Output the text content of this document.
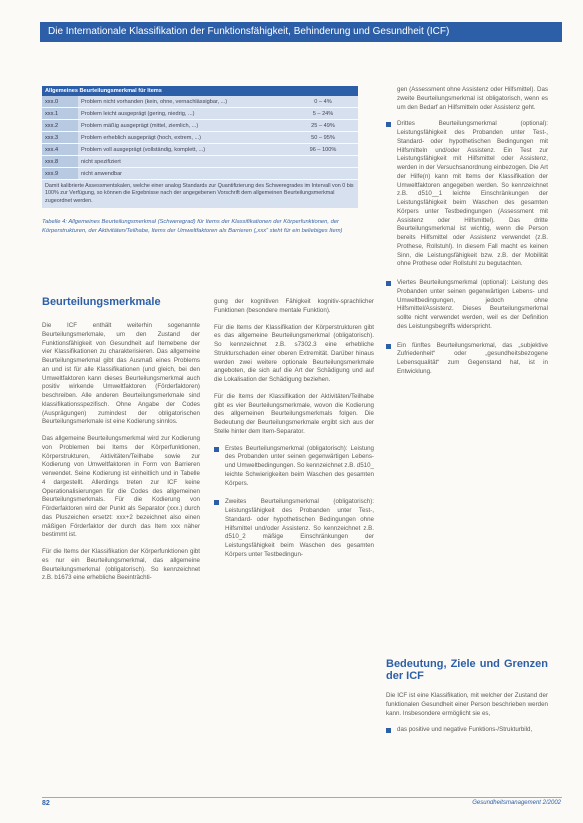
Die Internationale Klassifikation der Funktionsfähigkeit, Behinderung und Gesundheit (ICF)
Allgemeines Beurteilungsmerkmal für Items		
xxx.0	Problem nicht vorhanden (kein, ohne, vernachlässigbar, ...)	0 – 4%
xxx.1	Problem leicht ausgeprägt (gering, niedrig, ...)	5 – 24%
xxx.2	Problem mäßig ausgeprägt (mittel, ziemlich, ...)	25 – 49%
xxx.3	Problem erheblich ausgeprägt (hoch, extrem, ...)	50 – 95%
xxx.4	Problem voll ausgeprägt (vollständig, komplett, ...)	96 – 100%
xxx.8	nicht spezifiziert	
xxx.9	nicht anwendbar	
Damit kalibrierte Assessmentskalen, welche einer analog Standards zur Quantifizierung des Schweregrades im Intervall von 0 bis 100% zur Verfügung, so können die Ergebnisse nach der angegebenen Vorschrift dem allgemeinen Beurteilungsmerkmal zugeordnet werden.
Tabelle 4: Allgemeines Beurteilungsmerkmal (Schweregrad) für Items der Klassifikationen der Körperfunktionen, der Körperstrukturen, der Aktivitäten/Teilhabe, Items der Umweltfaktoren als Barrieren („xxx“ steht für ein beliebiges Item)
Beurteilungsmerkmale

Die ICF enthält weiterhin sogenannte Beurteilungsmerkmale, um den Zustand der Funktionsfähigkeit von Gesundheit auf Itemebene der vier Klassifikationen zu charakterisieren. Das allgemeine Beurteilungsmerkmal gibt das Ausmaß eines Problems an und ist für alle Klassifikationen (und gleich, bei den Umweltfaktoren kann dieses Beurteilungsmerkmal auch positiv wirkende Umweltfaktoren (Förderfaktoren) beschreiben. Alle anderen Beurteilungsmerkmale sind klassifikationsspezifisch. Ohne Angabe der Codes (Ausprägungen) zumindest der obligatorischen Beurteilungsmerkmale ist eine Kodierung sinnlos.

Das allgemeine Beurteilungsmerkmal wird zur Kodierung von Problemen bei Items der Körperfunktionen, Körperstrukturen, Aktivitäten/Teilhabe sowie zur Kodierung von Umweltfaktoren in Form von Barrieren verwendet. Seine Kodierung ist einheitlich und in Tabelle 4 dargestellt. Allerdings treten zur ICF keine Operationalisierungen für die Codes des allgemeinen Beurteilungsmerkmals. Für die Kodierung von Förderfaktoren wird der Punkt als Separator (xxx.) durch das Pluszeichen ersetzt: xxx+2 bezeichnet also einen mäßigen Förderfaktor der durch das Item xxx näher bestimmt ist.

Für die Items der Klassifikation der Körperfunktionen gibt es nur ein Beurteilungsmerkmal, das allgemeine Beurteilungsmerkmal (obligatorisch). So kennzeichnet z.B. b1673 eine erhebliche Beeinträchti-

gung der kognitiven Fähigkeit kognitiv-sprachlicher Funktionen (besondere mentale Funktion).

Für die Items der Klassifikation der Körperstrukturen gibt es das allgemeine Beurteilungsmerkmal (obligatorisch). So kennzeichnet z.B. s7302.3 eine erhebliche Strukturschaden einer oberen Extremität. Darüber hinaus werden zwei weitere optionale Beurteilungsmerkmale angeboten, die sich auf die Art der Schädigung und auf die Lokalisation der Schädigung beziehen.

Für die Items der Klassifikation der Aktivitäten/Teilhabe gibt es vier Beurteilungsmerkmale, wovon die Kodierung des allgemeinen Beurteilungsmerkmals folgen. Die Bedeutung der Beurteilungsmerkmale ergibt sich aus der Stelle hinter dem Item-Separator.

Erstes Beurteilungsmerkmal (obligatorisch): Leistung des Probanden unter seinen gegenwärtigen Lebens- und Umweltbedingungen. So kennzeichnet z.B. d510_ leichte Schwierigkeiten beim Waschen des gesamten Körpers.
Zweites Beurteilungsmerkmal (obligatorisch): Leistungsfähigkeit des Probanden unter Test-, Standard- oder hypothetischen Bedingungen ohne Hilfsmittel und/oder Assistenz. So kennzeichnet z.B. d510_2 mäßige Einschränkungen der Leistungsfähigkeit beim Waschen des gesamten Körpers unter Testbedingun-

gen (Assessment ohne Assistenz oder Hilfsmittel). Das zweite Beurteilungsmerkmal ist obligatorisch, wenn es um den Bedarf an Hilfsmitteln oder Assistenz geht.

Drittes Beurteilungsmerkmal (optional): Leistungsfähigkeit des Probanden unter Test-, Standard- oder hypothetischen Bedingungen mit Hilfsmitteln und/oder Assistenz. Ein Test zur Leistungsfähigkeit mit Hilfsmittel oder Assistenz, werden in der Versuchsanordnung einbezogen. Die Art der Hilfe(n) kann mit Items der Klassifikation der Umweltfaktoren angegeben werden. So kennzeichnet z.B. d510__1 leichte Einschränkungen der Leistungsfähigkeit beim Waschen des gesamten Körpers unter Testbedingungen (Assessment mit Assistenz oder Hilfsmittel). Das dritte Beurteilungsmerkmal ist wichtig, wenn die Person bereits Hilfsmittel oder Assistenz verwendet (z.B. Prothese, Rollstuhl). In diesem Fall macht es keinen Sinn, die Leistungsfähigkeit bzw. z.B. der Mobilität ohne Prothese oder Rollstuhl zu begutachten.
Viertes Beurteilungsmerkmal (optional): Leistung des Probanden unter seinen gegenwärtigen Lebens- und Umweltbedingungen, jedoch ohne Hilfsmittel/Assistenz. Dieses Beurteilungsmerkmal sollte nicht verwendet werden, weil es der Definition des Leistungsbegriffs widerspricht.
Ein fünftes Beurteilungsmerkmal, das „subjektive Zufriedenheit“ oder „gesundheitsbezogene Lebensqualität“ zum Gegenstand hat, ist in Entwicklung.
Bedeutung, Ziele und Grenzen der ICF

Die ICF ist eine Klassifikation, mit welcher der Zustand der funktionalen Gesundheit einer Person beschrieben werden kann. Insbesondere ermöglicht sie es,

das positive und negative Funktions-/Strukturbild,
82	Gesundheitsmanagement 2/2002
